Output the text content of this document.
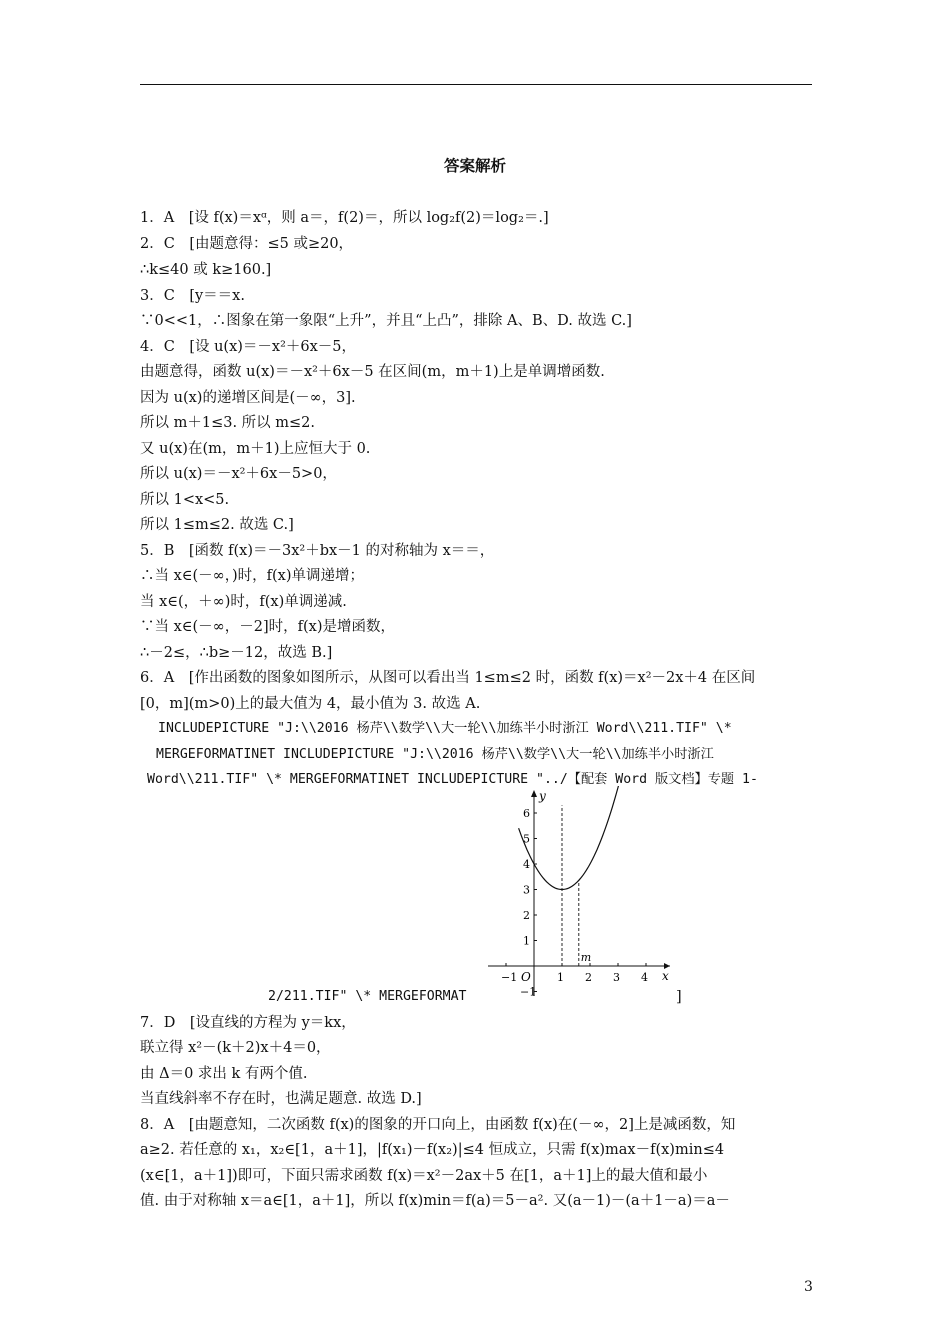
答案解析
1．A　[设 f(x)＝xᵅ，则 a＝，f(2)＝，所以 log₂f(2)＝log₂＝.]
2．C　[由题意得：≤5 或≥20，
∴k≤40 或 k≥160.]
3．C　[y＝＝x.
∵0<<1，∴图象在第一象限“上升”，并且“上凸”，排除 A、B、D. 故选 C.]
4．C　[设 u(x)＝－x²＋6x－5，
由题意得，函数 u(x)＝－x²＋6x－5 在区间(m，m＋1)上是单调增函数.
因为 u(x)的递增区间是(－∞，3].
所以 m＋1≤3. 所以 m≤2.
又 u(x)在(m，m＋1)上应恒大于 0.
所以 u(x)＝－x²＋6x－5>0，
所以 1<x<5.
所以 1≤m≤2. 故选 C.]
5．B　[函数 f(x)＝－3x²＋bx－1 的对称轴为 x＝＝，
∴当 x∈(－∞，)时，f(x)单调递增；
当 x∈(，＋∞)时，f(x)单调递减.
∵当 x∈(－∞，－2]时，f(x)是增函数，
∴－2≤，∴b≥－12，故选 B.]
6．A　[作出函数的图象如图所示，从图可以看出当 1≤m≤2 时，函数 f(x)＝x²－2x＋4 在区间
[0，m](m>0)上的最大值为 4，最小值为 3. 故选 A.
INCLUDEPICTURE "J:\\2016 杨芹\\数学\\大一轮\\加练半小时浙江 Word\\211.TIF" \*
MERGEFORMATINET INCLUDEPICTURE "J:\\2016 杨芹\\数学\\大一轮\\加练半小时浙江
Word\\211.TIF" \* MERGEFORMATINET INCLUDEPICTURE "../【配套 Word 版文档】专题 1-
−1	1 2 3 4
6
5
4
3
2
1
−1
x
y
O
m
2/211.TIF" \* MERGEFORMAT	]
7．D　[设直线的方程为 y＝kx，
联立得 x²－(k＋2)x＋4＝0，
由 Δ＝0 求出 k 有两个值.
当直线斜率不存在时，也满足题意. 故选 D.]
8．A　[由题意知，二次函数 f(x)的图象的开口向上，由函数 f(x)在(－∞，2]上是减函数，知
a≥2. 若任意的 x₁，x₂∈[1，a＋1]，|f(x₁)－f(x₂)|≤4 恒成立，只需 f(x)max－f(x)min≤4
(x∈[1，a＋1])即可，下面只需求函数 f(x)＝x²－2ax＋5 在[1，a＋1]上的最大值和最小
值. 由于对称轴 x＝a∈[1，a＋1]，所以 f(x)min＝f(a)＝5－a². 又(a－1)－(a＋1－a)＝a－
3
